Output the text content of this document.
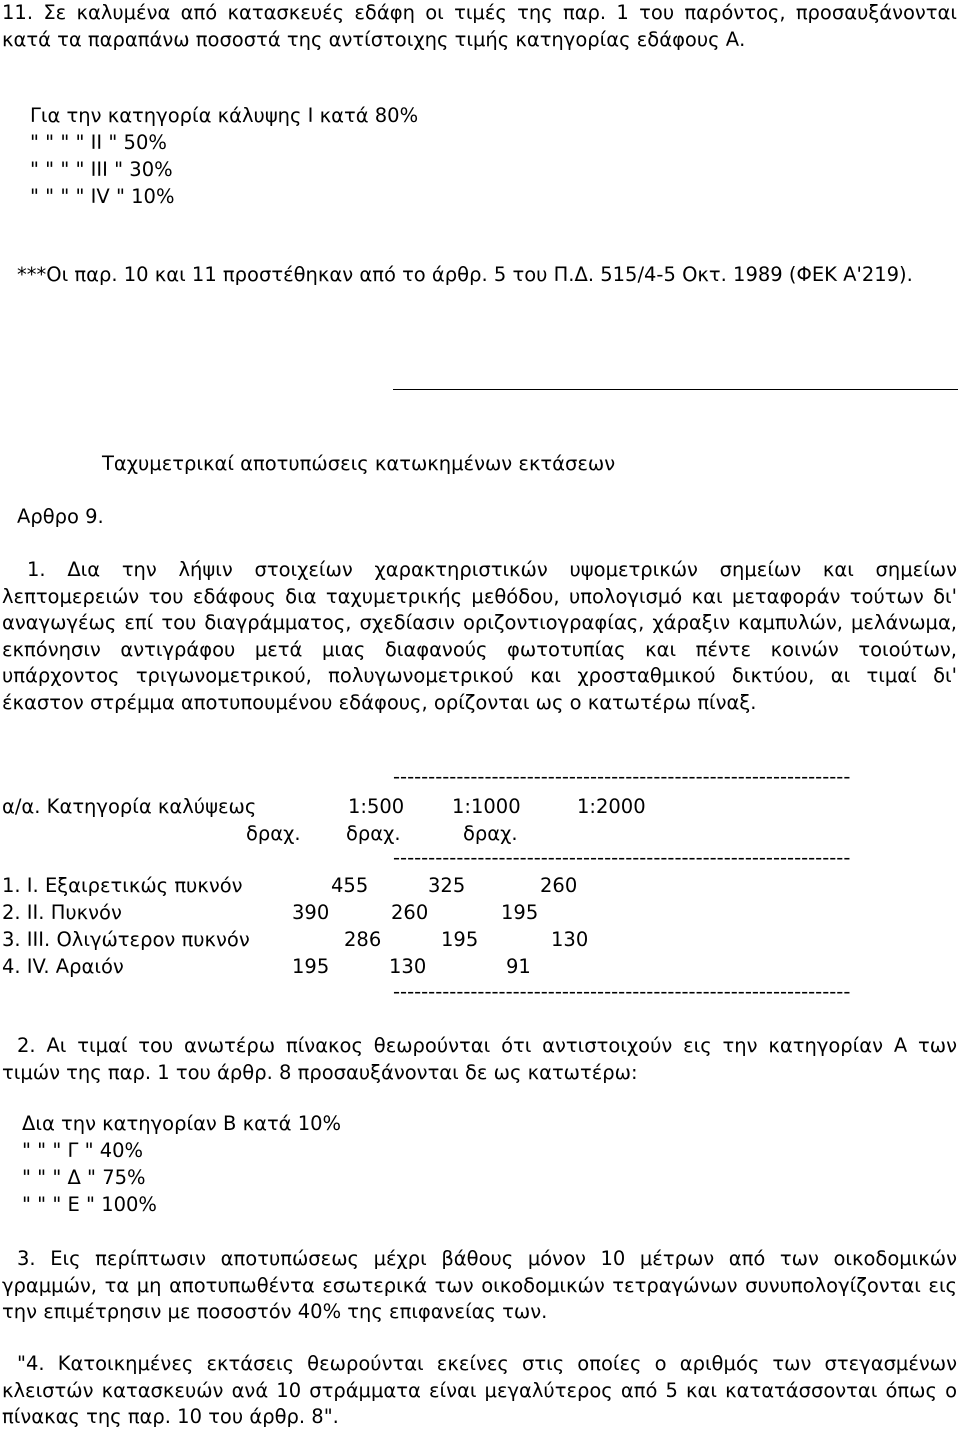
11. Σε καλυμένα από κατασκευές εδάφη οι τιμές της παρ. 1 του παρόντος, προσαυξάνονται κατά τα παραπάνω ποσοστά της αντίστοιχης τιμής κατηγορίας εδάφους Α.
Για την κατηγορία κάλυψης Ι κατά 80%
" " " " ΙΙ " 50%
" " " " ΙΙΙ " 30%
" " " " ΙV " 10%
***Οι παρ. 10 και 11 προστέθηκαν από το άρθρ. 5 του Π.Δ. 515/4-5 Οκτ. 1989 (ΦΕΚ Α'219).
Ταχυμετρικαί αποτυπώσεις κατωκημένων εκτάσεων
Αρθρο 9.
1. Δια την λήψιν στοιχείων χαρακτηριστικών υψομετρικών σημείων και σημείων λεπτομερειών του εδάφους δια ταχυμετρικής μεθόδου, υπολογισμό και μεταφοράν τούτων δι' αναγωγέως επί του διαγράμματος, σχεδίασιν οριζοντιογραφίας, χάραξιν καμπυλών, μελάνωμα, εκπόνησιν αντιγράφου μετά μιας διαφανούς φωτοτυπίας και πέντε κοινών τοιούτων, υπάρχοντος τριγωνομετρικού, πολυγωνομετρικού και χροσταθμικού δικτύου, αι τιμαί δι' έκαστον στρέμμα αποτυπουμένου εδάφους, ορίζονται ως ο κατωτέρω πίναξ.
-----------------------------------------------------------------
α/α. Κατηγορία καλύψεως	1:500 1:1000	1:2000
δραχ. δραχ.	δραχ.
-----------------------------------------------------------------
1. Ι. Εξαιρετικώς πυκνόν	455	325	260
2. ΙΙ. Πυκνόν	390	260	195
3. ΙΙΙ. Ολιγώτερον πυκνόν	286	195	130
4. ΙV. Αραιόν	195	130	91
-----------------------------------------------------------------
2. Αι τιμαί του ανωτέρω πίνακος θεωρούνται ότι αντιστοιχούν εις την κατηγορίαν Α των τιμών της παρ. 1 του άρθρ. 8 προσαυξάνονται δε ως κατωτέρω:
Δια την κατηγορίαν Β κατά 10%
" " " Γ " 40%
" " " Δ " 75%
" " " Ε " 100%
3. Εις περίπτωσιν αποτυπώσεως μέχρι βάθους μόνον 10 μέτρων από των οικοδομικών γραμμών, τα μη αποτυπωθέντα εσωτερικά των οικοδομικών τετραγώνων συνυπολογίζονται εις την επιμέτρησιν με ποσοστόν 40% της επιφανείας των.
"4. Κατοικημένες εκτάσεις θεωρούνται εκείνες στις οποίες ο αριθμός των στεγασμένων κλειστών κατασκευών ανά 10 στράμματα είναι μεγαλύτερος από 5 και κατατάσσονται όπως ο πίνακας της παρ. 10 του άρθρ. 8".
